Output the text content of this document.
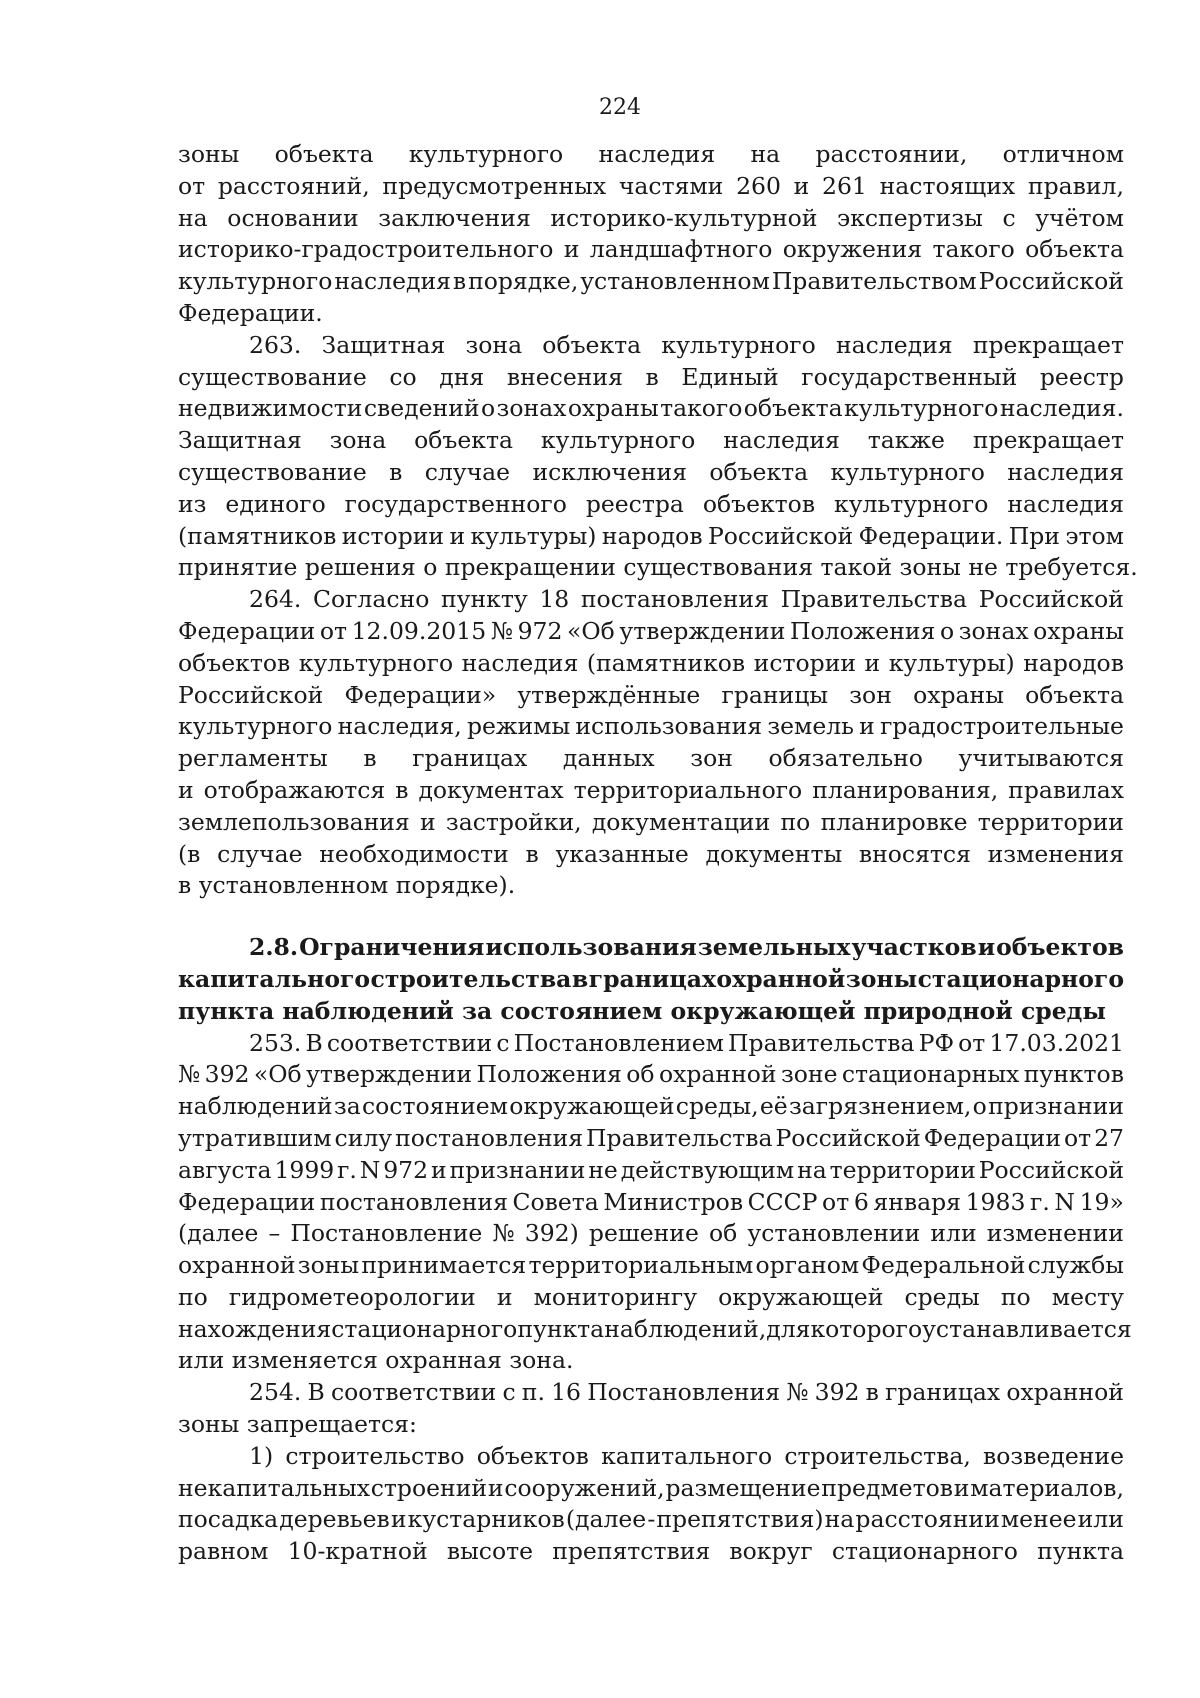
224
зоны объекта культурного наследия на расстоянии, отличном
от расстояний, предусмотренных частями 260 и 261 настоящих правил,
на основании заключения историко-культурной экспертизы с учётом
историко-градостроительного и ландшафтного окружения такого объекта
культурного наследия в порядке, установленном Правительством Российской
Федерации.
263. Защитная зона объекта культурного наследия прекращает
существование со дня внесения в Единый государственный реестр
недвижимости сведений о зонах охраны такого объекта культурного наследия.
Защитная зона объекта культурного наследия также прекращает
существование в случае исключения объекта культурного наследия
из единого государственного реестра объектов культурного наследия
(памятников истории и культуры) народов Российской Федерации. При этом
принятие решения о прекращении существования такой зоны не требуется.
264. Согласно пункту 18 постановления Правительства Российской
Федерации от 12.09.2015 № 972 «Об утверждении Положения о зонах охраны
объектов культурного наследия (памятников истории и культуры) народов
Российской Федерации» утверждённые границы зон охраны объекта
культурного наследия, режимы использования земель и градостроительные
регламенты в границах данных зон обязательно учитываются
и отображаются в документах территориального планирования, правилах
землепользования и застройки, документации по планировке территории
(в случае необходимости в указанные документы вносятся изменения
в установленном порядке).
2.8. Ограничения использования земельных участков и объектов
капитального строительства в границах охранной зоны стационарного
пункта наблюдений за состоянием окружающей природной среды
253. В соответствии с Постановлением Правительства РФ от 17.03.2021
№ 392 «Об утверждении Положения об охранной зоне стационарных пунктов
наблюдений за состоянием окружающей среды, её загрязнением, о признании
утратившим силу постановления Правительства Российской Федерации от 27
августа 1999 г. N 972 и признании не действующим на территории Российской
Федерации постановления Совета Министров СССР от 6 января 1983 г. N 19»
(далее – Постановление № 392) решение об установлении или изменении
охранной зоны принимается территориальным органом Федеральной службы
по гидрометеорологии и мониторингу окружающей среды по месту
нахождения стационарного пункта наблюдений, для которого устанавливается
или изменяется охранная зона.
254. В соответствии с п. 16 Постановления № 392 в границах охранной
зоны запрещается:
1) строительство объектов капитального строительства, возведение
некапитальных строений и сооружений, размещение предметов и материалов,
посадка деревьев и кустарников (далее - препятствия) на расстоянии менее или
равном 10-кратной высоте препятствия вокруг стационарного пункта
